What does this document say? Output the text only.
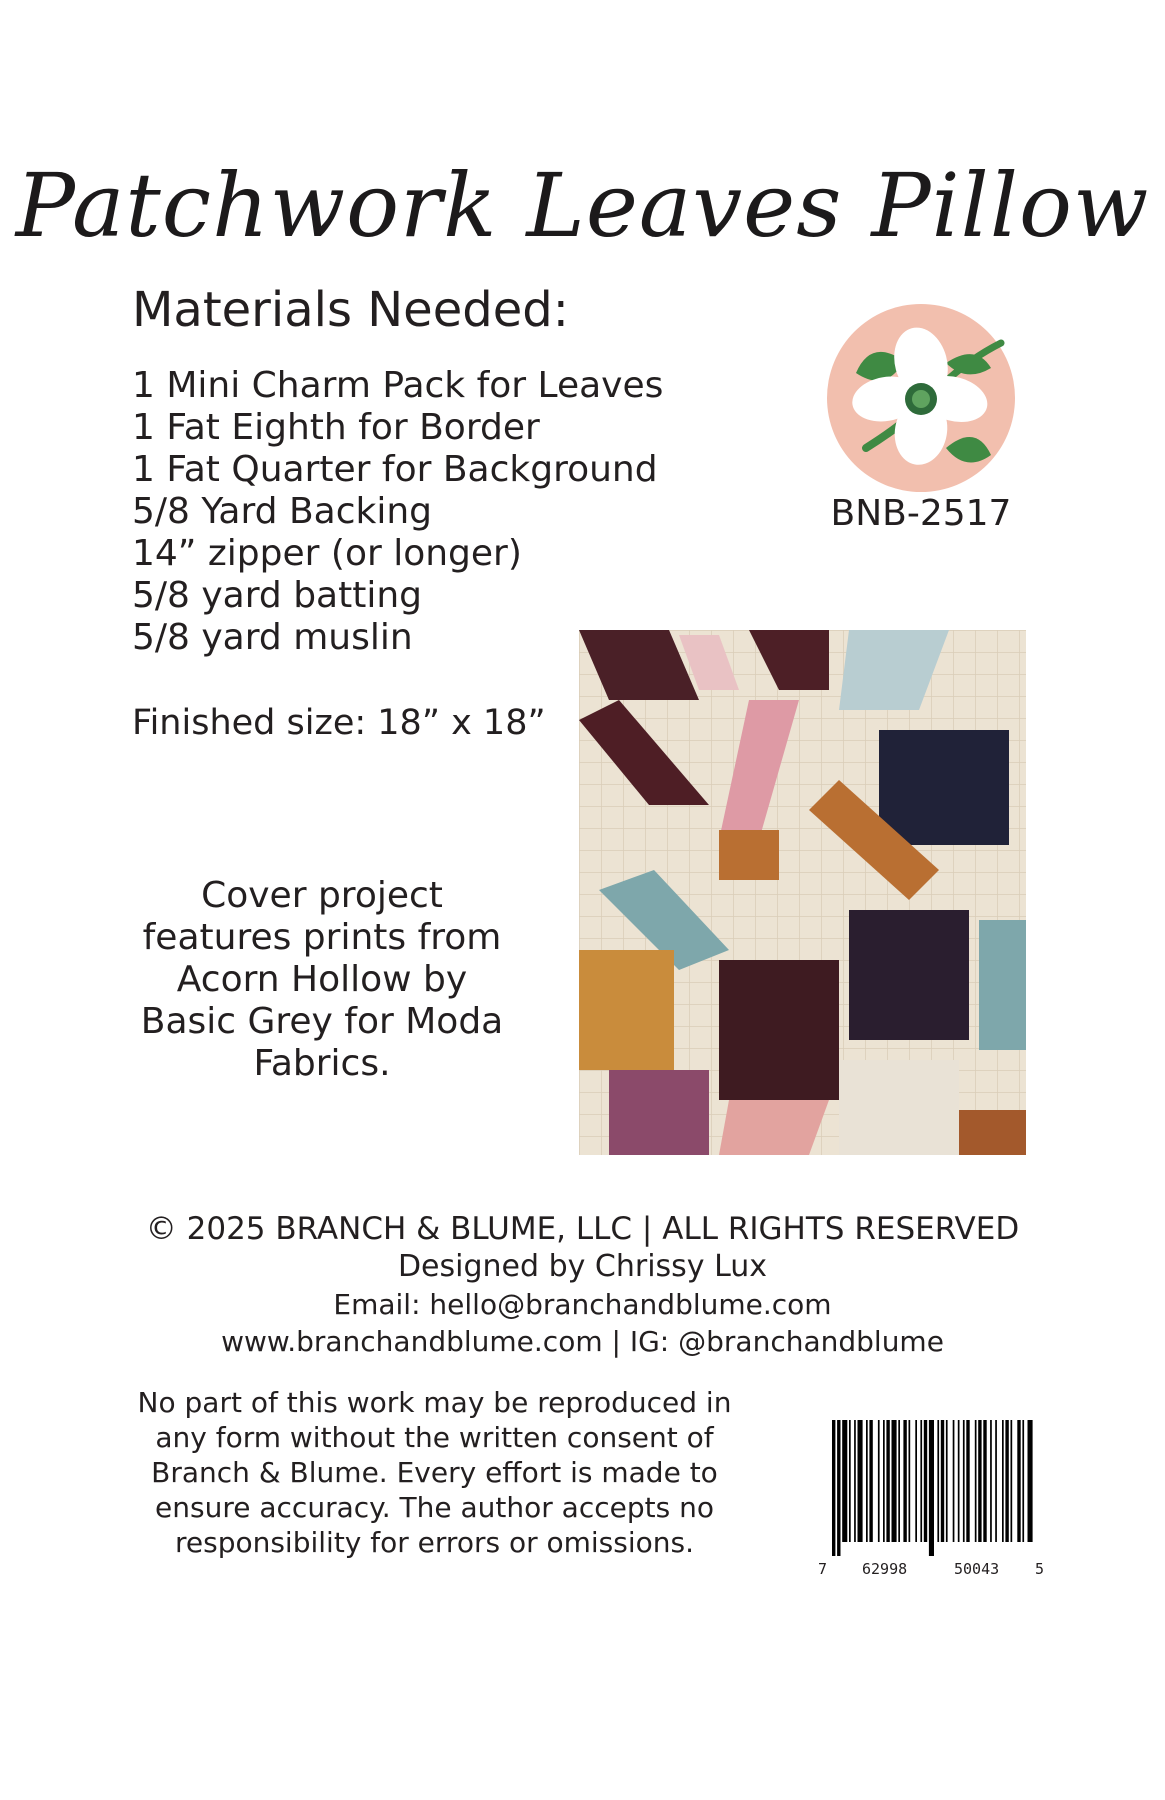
Patchwork Leaves Pillow
Materials Needed:
1 Mini Charm Pack for Leaves
1 Fat Eighth for Border
1 Fat Quarter for Background
5/8 Yard Backing
14” zipper (or longer)
5/8 yard batting
5/8 yard muslin
Finished size: 18” x 18”
BNB-2517
Cover project
features prints from
Acorn Hollow by
Basic Grey for Moda
Fabrics.
© 2025 BRANCH & BLUME, LLC | ALL RIGHTS RESERVED
Designed by Chrissy Lux
Email: hello@branchandblume.com
www.branchandblume.com | IG: @branchandblume
No part of this work may be reproduced in
any form without the written consent of
Branch & Blume. Every effort is made to
ensure accuracy. The author accepts no
responsibility for errors or omissions.
7 62998	50043 5
